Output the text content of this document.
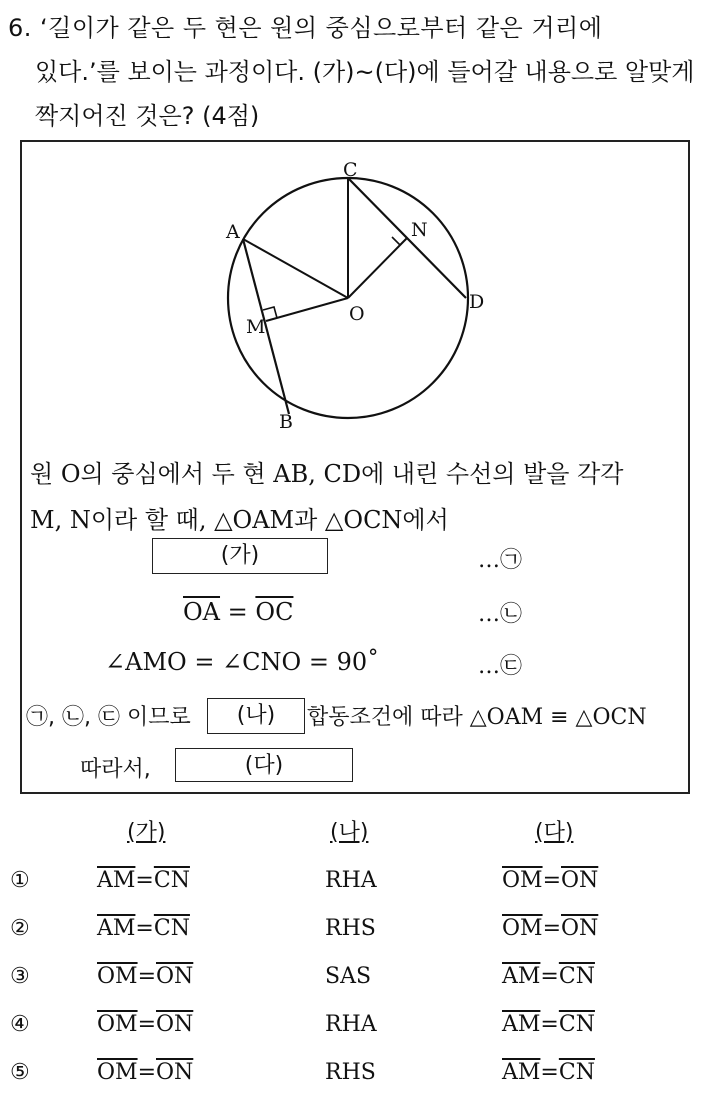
6. ‘길이가 같은 두 현은 원의 중심으로부터 같은 거리에
있다.’를 보이는 과정이다. (가)~(다)에 들어갈 내용으로 알맞게
짝지어진 것은? (4점)
C
A	N
M
O
D
B
원 O의 중심에서 두 현 AB, CD에 내린 수선의 발을 각각
M, N이라 할 때, △OAM과 △OCN에서
(가)	…㉠
$\overline{OA} = \overline{OC}$	…㉡
∠AMO = ∠CNO = 90˚	…㉢
㉠, ㉡, ㉢ 이므로	(나)	합동조건에 따라 △OAM ≡ △OCN
따라서,	(다)
(가)	(나)	(다)
①	$\overline{AM}=\overline{CN}$	RHA	$\overline{OM}=\overline{ON}$
②	$\overline{AM}=\overline{CN}$	RHS	$\overline{OM}=\overline{ON}$
③	$\overline{OM}=\overline{ON}$	SAS	$\overline{AM}=\overline{CN}$
④	$\overline{OM}=\overline{ON}$	RHA	$\overline{AM}=\overline{CN}$
⑤	$\overline{OM}=\overline{ON}$	RHS	$\overline{AM}=\overline{CN}$
